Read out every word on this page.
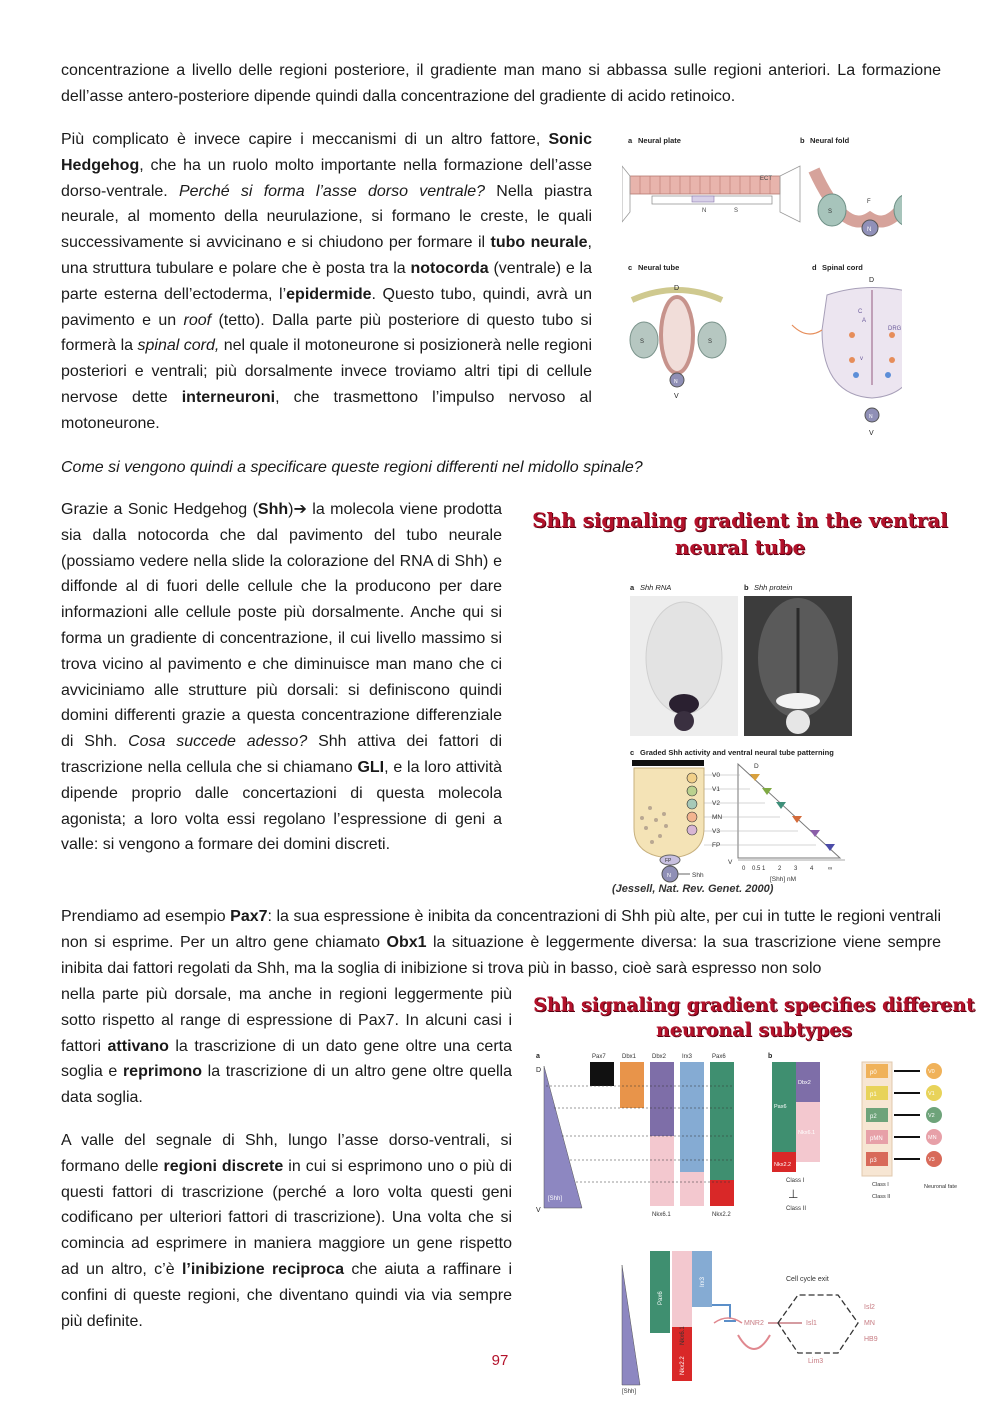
concentrazione a livello delle regioni posteriore, il gradiente man mano si abbassa sulle regioni anteriori. La formazione dell’asse antero-posteriore dipende quindi dalla concentrazione del gradiente di acido retinoico.

Più complicato è invece capire i meccanismi di un altro fattore, Sonic Hedgehog, che ha un ruolo molto importante nella formazione dell’asse dorso-ventrale. Perché si forma l’asse dorso ventrale? Nella piastra neurale, al momento della neurulazione, si formano le creste, le quali successivamente si avvicinano e si chiudono per formare il tubo neurale, una struttura tubulare e polare che è posta tra la notocorda (ventrale) e la parte esterna dell’ectoderma, l’epidermide. Questo tubo, quindi, avrà un pavimento e un roof (tetto). Dalla parte più posteriore di questo tubo si formerà la spinal cord, nel quale il motoneurone si posizionerà nelle regioni posteriori e ventrali; più dorsalmente invece troviamo altri tipi di cellule nervose dette interneuroni, che trasmettono l’impulso nervoso al motoneurone.

Come si vengono quindi a specificare queste regioni differenti nel midollo spinale?

Grazie a Sonic Hedgehog (Shh)➔ la molecola viene prodotta sia dalla notocorda che dal pavimento del tubo neurale (possiamo vedere nella slide la colorazione del RNA di Shh) e diffonde al di fuori delle cellule che la producono per dare informazioni alle cellule poste più dorsalmente. Anche qui si forma un gradiente di concentrazione, il cui livello massimo si trova vicino al pavimento e che diminuisce man mano che ci avviciniamo alle strutture più dorsali: si definiscono quindi domini differenti grazie a questa concentrazione differenziale di Shh. Cosa succede adesso? Shh attiva dei fattori di trascrizione nella cellula che si chiamano GLI, e la loro attività dipende proprio dalle concertazioni di questa molecola agonista; a loro volta essi regolano l’espressione di geni a valle: si vengono a formare dei domini discreti.

Prendiamo ad esempio Pax7: la sua espressione è inibita da concentrazioni di Shh più alte, per cui in tutte le regioni ventrali non si esprime. Per un altro gene chiamato Obx1 la situazione è leggermente diversa: la sua trascrizione viene sempre inibita dai fattori regolati da Shh, ma la soglia di inibizione si trova più in basso, cioè sarà espresso non solo

nella parte più dorsale, ma anche in regioni leggermente più sotto rispetto al range di espressione di Pax7. In alcuni casi i fattori attivano la trascrizione di un dato gene oltre una certa soglia e reprimono la trascrizione di un altro gene oltre quella data soglia.

A valle del segnale di Shh, lungo l’asse dorso-ventrali, si formano delle regioni discrete in cui si esprimono uno o più di questi fattori di trascrizione (perché a loro volta questi geni codificano per ulteriori fattori di trascrizione). Una volta che si comincia ad esprimere in maniera maggiore un gene rispetto ad un altro, c’è l’inibizione reciproca che aiuta a raffinare i confini di queste regioni, che diventano quindi via via sempre più definite.

a Neural plate	b Neural fold
c Neural tube	d Spinal cord
ECT
N	S	S
F
N
D
V
S	S
N
D
V
C
A
v
DRG
N
Shh signaling gradient in the ventral neural tube
a Shh RNA	b Shh protein
c Graded Shh activity and ventral neural tube patterning
D
V
[Shh] nM
N	Shh
FP
V0
V1
V2
MN
V3
FP
0 0.5 1 2 3 4 ∞
(Jessell, Nat. Rev. Genet. 2000)
Shh signaling gradient specifies different neuronal subtypes
a	b
D
V
[Shh]
Pax7	Dbx1	Dbx2	Irx3	Pax6
Nkx6.1	Nkx2.2
Pax6
Dbx2
Nkx6.1
Nkx2.2
Class I
Class II
⊥	Neuronal fate
Class I
Class II
p0	V0
p1	V1
p2	V2
pMN	MN
p3	V3
[Shh]
Pax6
Irx3
Nkx6.1
Nkx2.2
MNR2	Isl1
Lim3
Cell cycle exit
Isl2
MN
HB9
97
